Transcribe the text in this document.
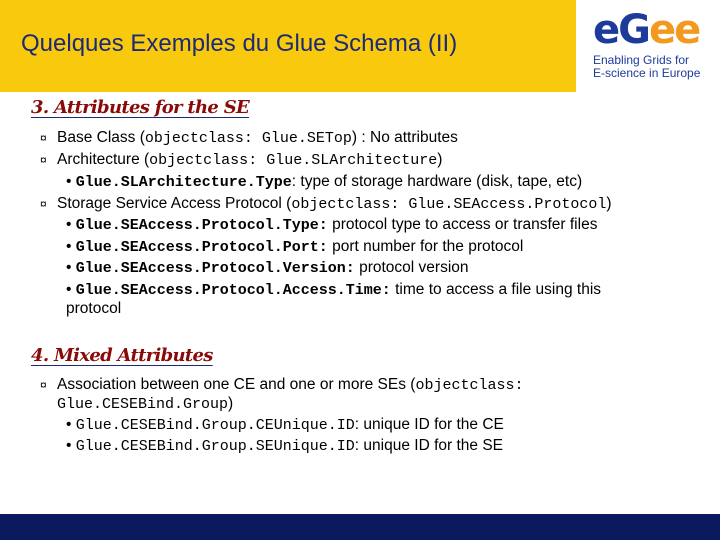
Quelques Exemples du Glue Schema (II)	eGee
Enabling Grids for
E-science in Europe
3. Attributes for the SE
¤ Base Class (objectclass: Glue.SETop) : No attributes
¤ Architecture (objectclass: Glue.SLArchitecture)
• Glue.SLArchitecture.Type: type of storage hardware (disk, tape, etc)
¤ Storage Service Access Protocol (objectclass: Glue.SEAccess.Protocol)
• Glue.SEAccess.Protocol.Type: protocol type to access or transfer files
• Glue.SEAccess.Protocol.Port: port number for the protocol
• Glue.SEAccess.Protocol.Version: protocol version
• Glue.SEAccess.Protocol.Access.Time: time to access a file using this
protocol
4. Mixed Attributes
¤ Association between one CE and one or more SEs (objectclass:
Glue.CESEBind.Group)
• Glue.CESEBind.Group.CEUnique.ID: unique ID for the CE
• Glue.CESEBind.Group.SEUnique.ID: unique ID for the SE
